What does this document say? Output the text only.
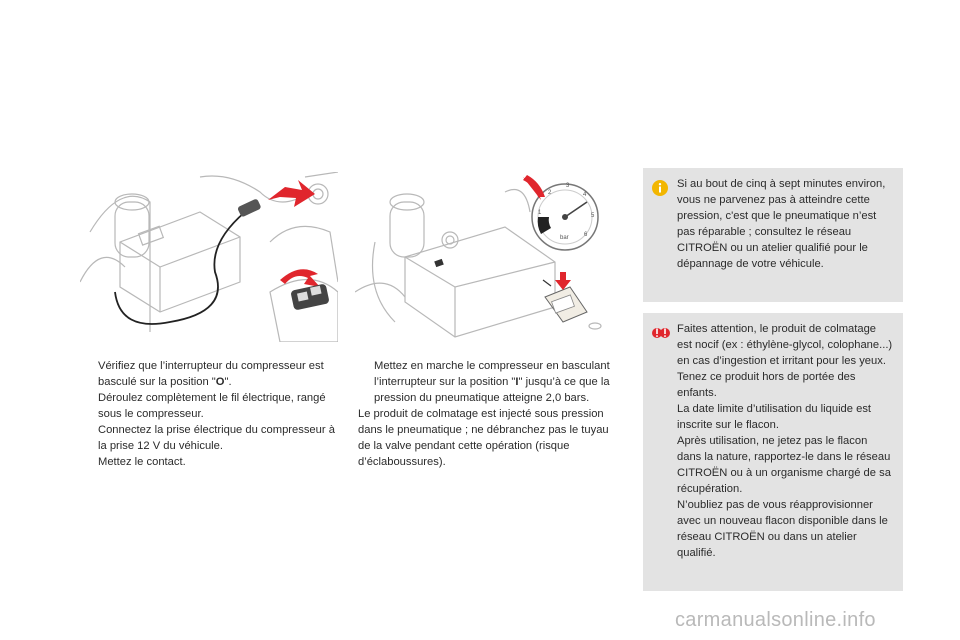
1
2
3
4
5
6
bar
Vérifiez que l’interrupteur du compresseur est basculé sur la position "O".
Déroulez complètement le fil électrique, rangé sous le compresseur.
Connectez la prise électrique du compresseur à la prise 12 V du véhicule.
Mettez le contact.
Mettez en marche le compresseur en basculant l’interrupteur sur la position "I" jusqu’à ce que la pression du pneumatique atteigne 2,0 bars.

Le produit de colmatage est injecté sous pression dans le pneumatique ; ne débranchez pas le tuyau de la valve pendant cette opération (risque d’éclaboussures).

Si au bout de cinq à sept minutes environ, vous ne parvenez pas à atteindre cette pression, c'est que le pneumatique n’est pas réparable ; consultez le réseau CITROËN ou un atelier qualifié pour le dépannage de votre véhicule.

Faites attention, le produit de colmatage est nocif (ex : éthylène-glycol, colophane...) en cas d’ingestion et irritant pour les yeux.

Tenez ce produit hors de portée des enfants.

La date limite d’utilisation du liquide est inscrite sur le flacon.

Après utilisation, ne jetez pas le flacon dans la nature, rapportez-le dans le réseau CITROËN ou à un organisme chargé de sa récupération.

N’oubliez pas de vous réapprovisionner avec un nouveau flacon disponible dans le réseau CITROËN ou dans un atelier qualifié.

carmanualsonline.info
